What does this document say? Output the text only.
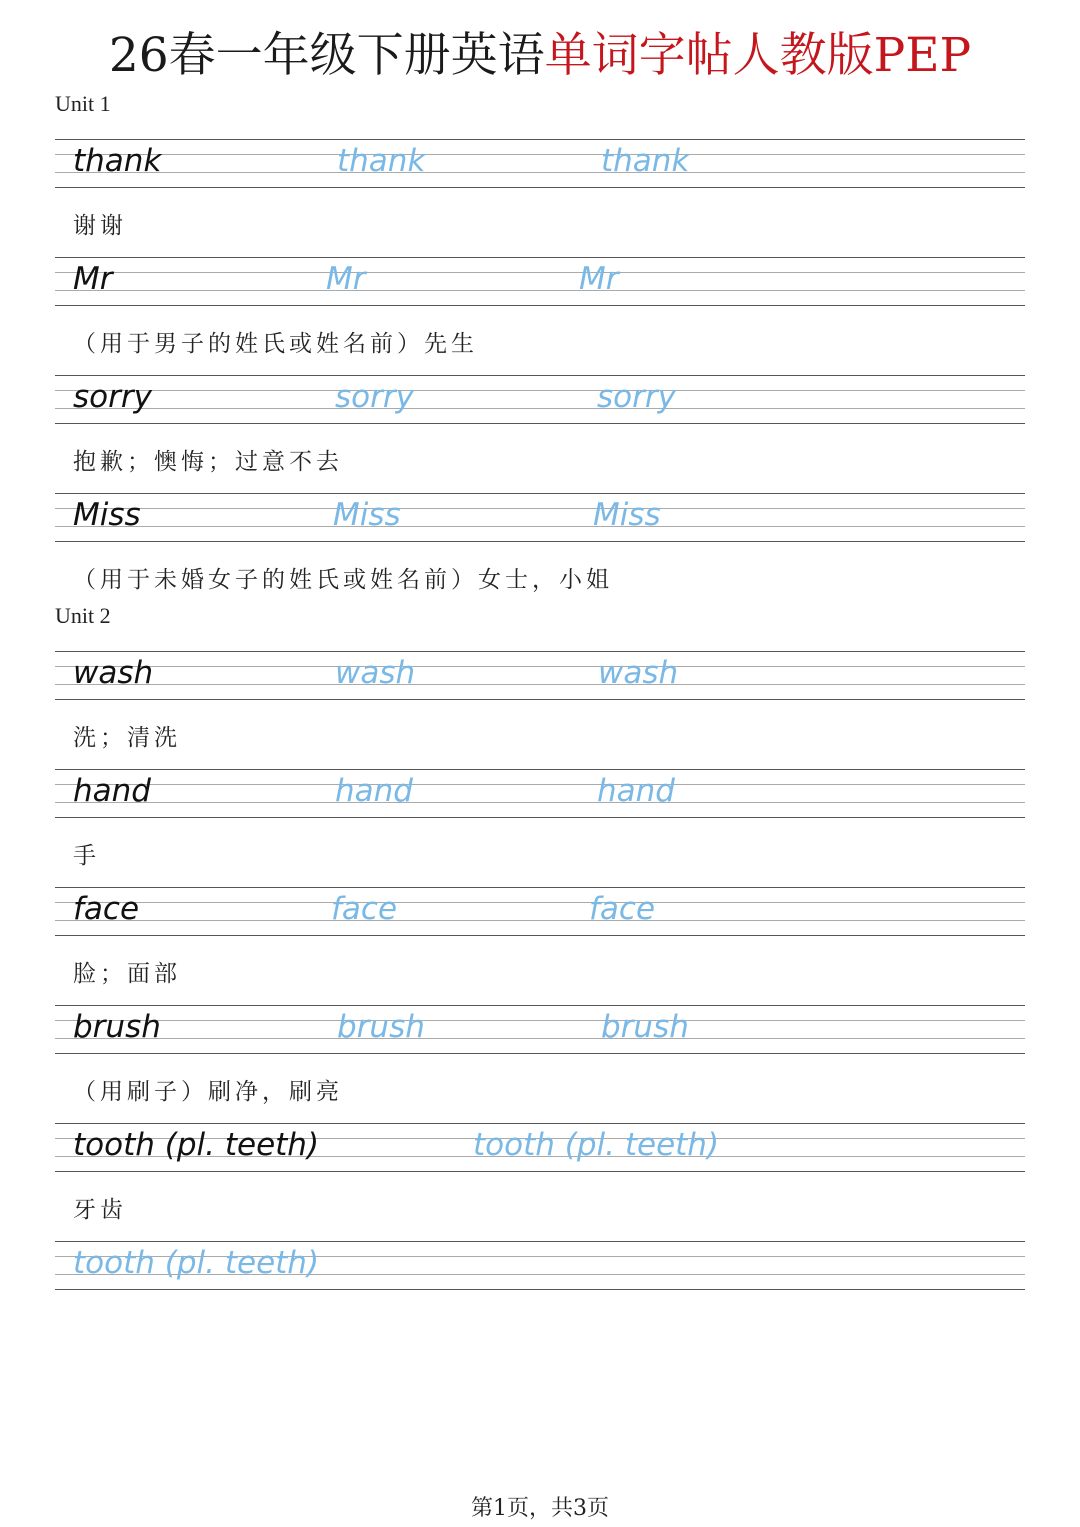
26春一年级下册英语单词字帖人教版PEP
Unit 1
thank	thank	thank
谢谢
Mr	Mr	Mr
（用于男子的姓氏或姓名前）先生
sorry	sorry	sorry
抱歉；懊悔；过意不去
Miss	Miss	Miss
（用于未婚女子的姓氏或姓名前）女士，小姐
Unit 2
wash	wash	wash
洗；清洗
hand	hand	hand
手
face	face	face
脸；面部
brush	brush	brush
（用刷子）刷净，刷亮
tooth (pl. teeth)	tooth (pl. teeth)
牙齿
tooth (pl. teeth)
第1页，共3页
